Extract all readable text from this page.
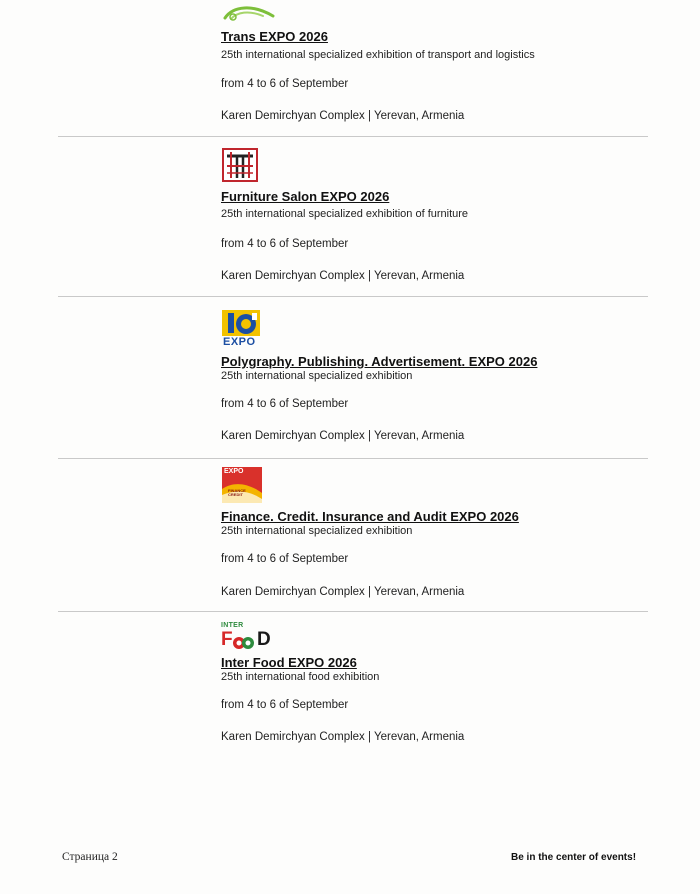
Trans EXPO 2026
25th international specialized exhibition of transport and logistics
from 4 to 6 of September
Karen Demirchyan Complex | Yerevan, Armenia
Furniture Salon EXPO 2026
25th international specialized exhibition of furniture
from 4 to 6 of September
Karen Demirchyan Complex | Yerevan, Armenia
EXPO
Polygraphy. Publishing. Advertisement. EXPO 2026
25th international specialized exhibition
from 4 to 6 of September
Karen Demirchyan Complex | Yerevan, Armenia
EXPO
FINANCE CREDIT
Finance. Credit. Insurance and Audit EXPO 2026
25th international specialized exhibition
from 4 to 6 of September
Karen Demirchyan Complex | Yerevan, Armenia
INTER
F D
Inter Food EXPO 2026
25th international food exhibition
from 4 to 6 of September
Karen Demirchyan Complex | Yerevan, Armenia
Страница 2	Be in the center of events!
